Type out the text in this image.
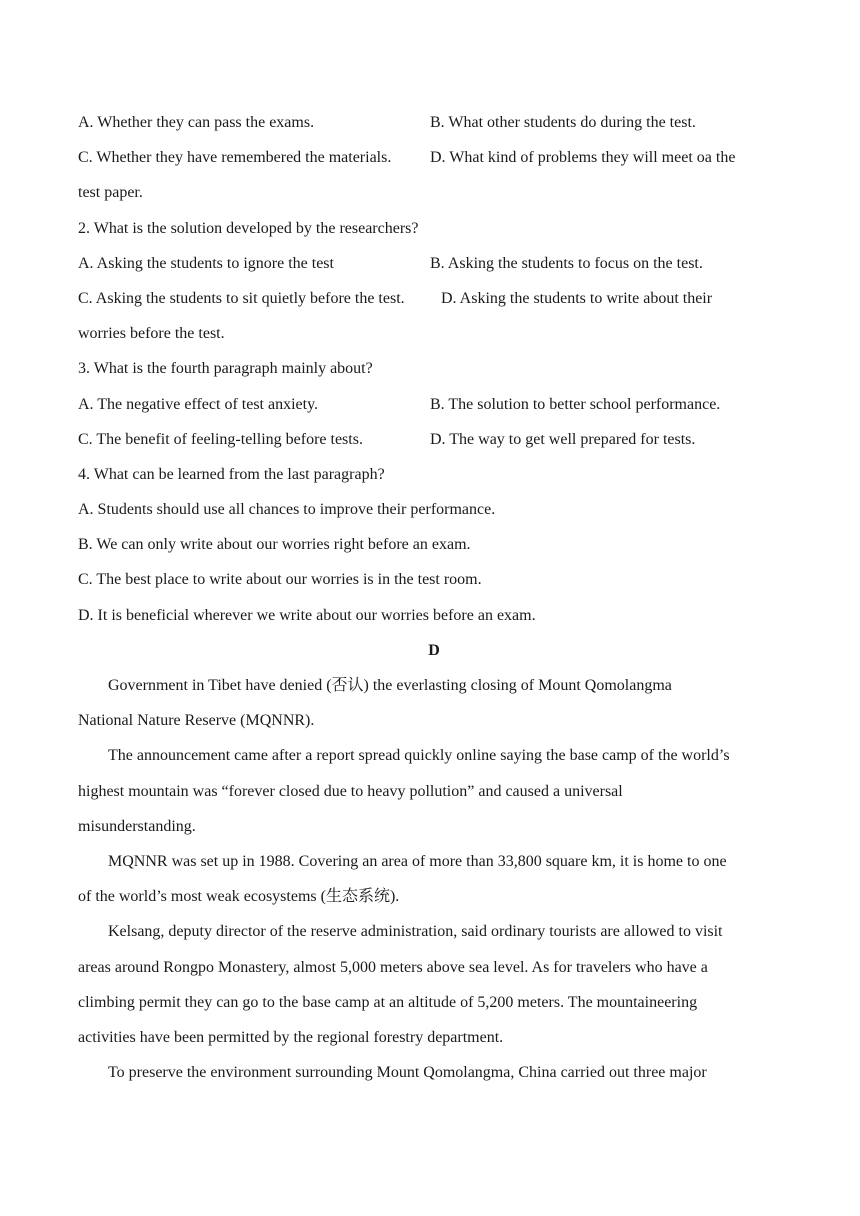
A. Whether they can pass the exams.	B. What other students do during the test.
C. Whether they have remembered the materials. D. What kind of problems they will meet oa the
test paper.
2. What is the solution developed by the researchers?
A. Asking the students to ignore the test	B. Asking the students to focus on the test.
C. Asking the students to sit quietly before the test. D. Asking the students to write about their
worries before the test.
3. What is the fourth paragraph mainly about?
A. The negative effect of test anxiety.	B. The solution to better school performance.
C. The benefit of feeling-telling before tests.	D. The way to get well prepared for tests.
4. What can be learned from the last paragraph?
A. Students should use all chances to improve their performance.
B. We can only write about our worries right before an exam.
C. The best place to write about our worries is in the test room.
D. It is beneficial wherever we write about our worries before an exam.
D
Government in Tibet have denied (否认) the everlasting closing of Mount Qomolangma
National Nature Reserve (MQNNR).
The announcement came after a report spread quickly online saying the base camp of the world’s
highest mountain was “forever closed due to heavy pollution” and caused a universal
misunderstanding.
MQNNR was set up in 1988. Covering an area of more than 33,800 square km, it is home to one
of the world’s most weak ecosystems (生态系统).
Kelsang, deputy director of the reserve administration, said ordinary tourists are allowed to visit
areas around Rongpo Monastery, almost 5,000 meters above sea level. As for travelers who have a
climbing permit they can go to the base camp at an altitude of 5,200 meters. The mountaineering
activities have been permitted by the regional forestry department.
To preserve the environment surrounding Mount Qomolangma, China carried out three major
